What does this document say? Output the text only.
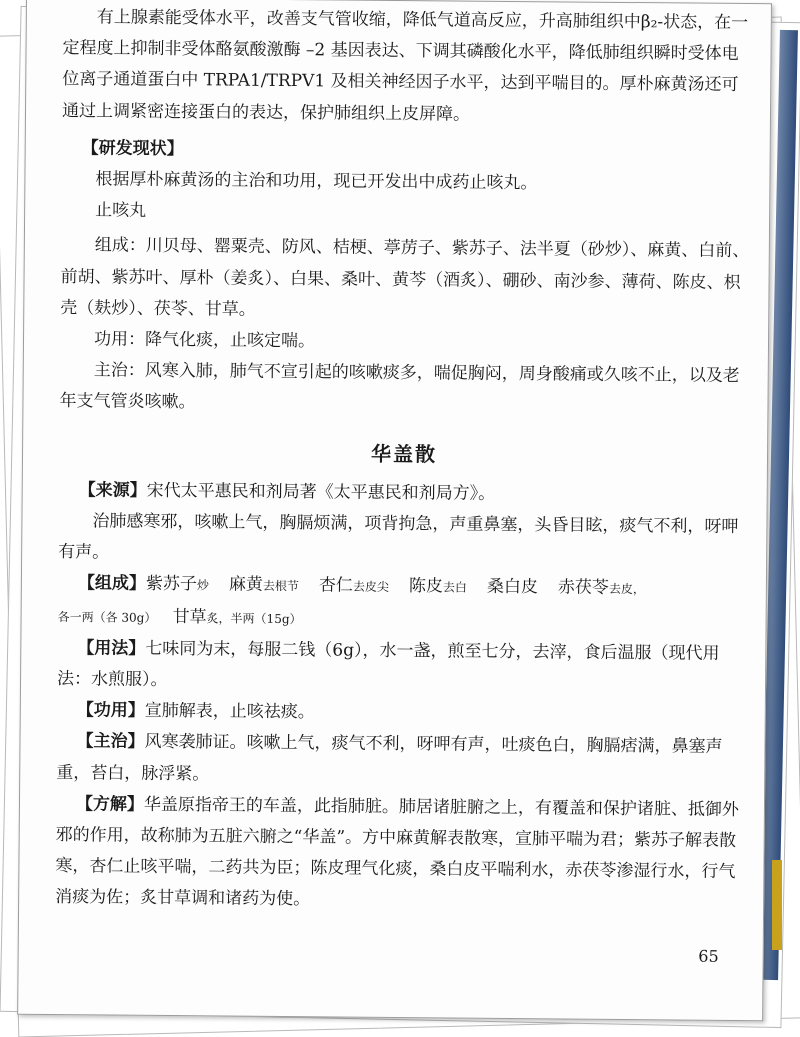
有上腺素能受体水平，改善支气管收缩，降低气道高反应，升高肺组织中β₂-状态，在一定程度上抑制非受体酪氨酸激酶 –2 基因表达、下调其磷酸化水平，降低肺组织瞬时受体电位离子通道蛋白中 TRPA1/TRPV1 及相关神经因子水平，达到平喘目的。厚朴麻黄汤还可通过上调紧密连接蛋白的表达，保护肺组织上皮屏障。

【研发现状】

根据厚朴麻黄汤的主治和功用，现已开发出中成药止咳丸。

止咳丸

组成：川贝母、罂粟壳、防风、桔梗、葶苈子、紫苏子、法半夏（砂炒）、麻黄、白前、前胡、紫苏叶、厚朴（姜炙）、白果、桑叶、黄芩（酒炙）、硼砂、南沙参、薄荷、陈皮、枳壳（麸炒）、茯苓、甘草。

功用：降气化痰，止咳定喘。

主治：风寒入肺，肺气不宣引起的咳嗽痰多，喘促胸闷，周身酸痛或久咳不止，以及老年支气管炎咳嗽。

华盖散

【来源】宋代太平惠民和剂局著《太平惠民和剂局方》。

治肺感寒邪，咳嗽上气，胸膈烦满，项背拘急，声重鼻塞，头昏目眩，痰气不利，呀呷有声。

【组成】紫苏子炒 麻黄去根节 杏仁去皮尖 陈皮去白 桑白皮 赤茯苓去皮，

各一两（各 30g） 甘草炙，半两（15g）

【用法】七味同为末，每服二钱（6g），水一盏，煎至七分，去滓，食后温服（现代用法：水煎服）。

【功用】宣肺解表，止咳祛痰。

【主治】风寒袭肺证。咳嗽上气，痰气不利，呀呷有声，吐痰色白，胸膈痞满，鼻塞声重，苔白，脉浮紧。

【方解】华盖原指帝王的车盖，此指肺脏。肺居诸脏腑之上，有覆盖和保护诸脏、抵御外邪的作用，故称肺为五脏六腑之“华盖”。方中麻黄解表散寒，宣肺平喘为君；紫苏子解表散寒，杏仁止咳平喘，二药共为臣；陈皮理气化痰，桑白皮平喘利水，赤茯苓渗湿行水，行气消痰为佐；炙甘草调和诸药为使。

65
